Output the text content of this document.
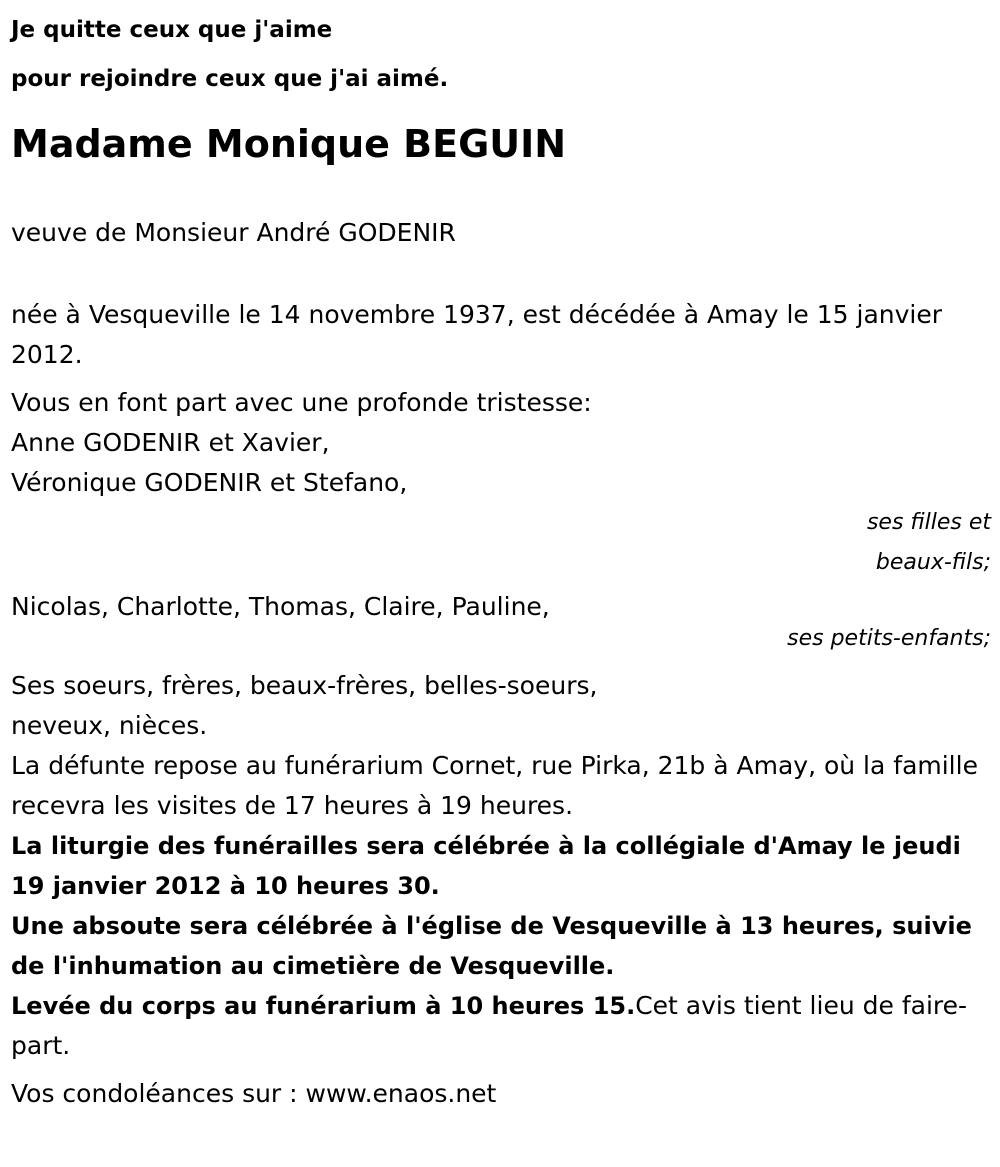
Je quitte ceux que j'aime

pour rejoindre ceux que j'ai aimé.

Madame Monique BEGUIN

veuve de Monsieur André GODENIR

née à Vesqueville le 14 novembre 1937, est décédée à Amay le 15 janvier 2012.

Vous en font part avec une profonde tristesse:

Anne GODENIR et Xavier,

Véronique GODENIR et Stefano,

ses filles et

beaux-fils;

Nicolas, Charlotte, Thomas, Claire, Pauline,

ses petits-enfants;

Ses soeurs, frères, beaux-frères, belles-soeurs,

neveux, nièces.

La défunte repose au funérarium Cornet, rue Pirka, 21b à Amay, où la famille recevra les visites de 17 heures à 19 heures.

La liturgie des funérailles sera célébrée à la collégiale d'Amay le jeudi 19 janvier 2012 à 10 heures 30.

Une absoute sera célébrée à l'église de Vesqueville à 13 heures, suivie de l'inhumation au cimetière de Vesqueville.

Levée du corps au funérarium à 10 heures 15.Cet avis tient lieu de faire-part.

Vos condoléances sur : www.enaos.net
